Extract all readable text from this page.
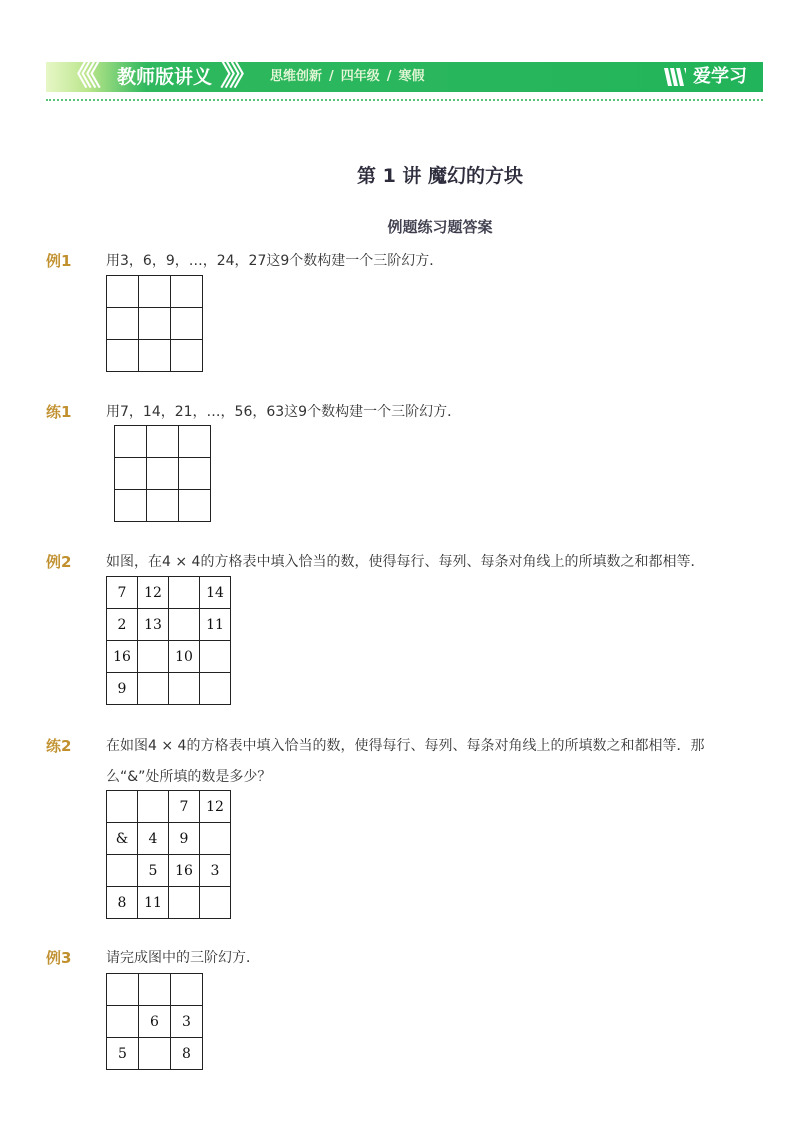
《《 教师版讲义 》》 思维创新 / 四年级 / 寒假	爱学习
第 1 讲 魔幻的方块
例题练习题答案
例1 用3，6，9，…，24，27这9个数构建一个三阶幻方．

练1 用7，14，21，…，56，63这9个数构建一个三阶幻方．

例2 如图，在4 × 4的方格表中填入恰当的数，使得每行、每列、每条对角线上的所填数之和都相等．
7	12		14
2	13		11
16		10	
9			
练2 在如图4 × 4的方格表中填入恰当的数，使得每行、每列、每条对角线上的所填数之和都相等．那
么“&”处所填的数是多少？
		7	12
&	4	9	
	5	16	3
8	11		
例3 请完成图中的三阶幻方．

	6	3
5		8
